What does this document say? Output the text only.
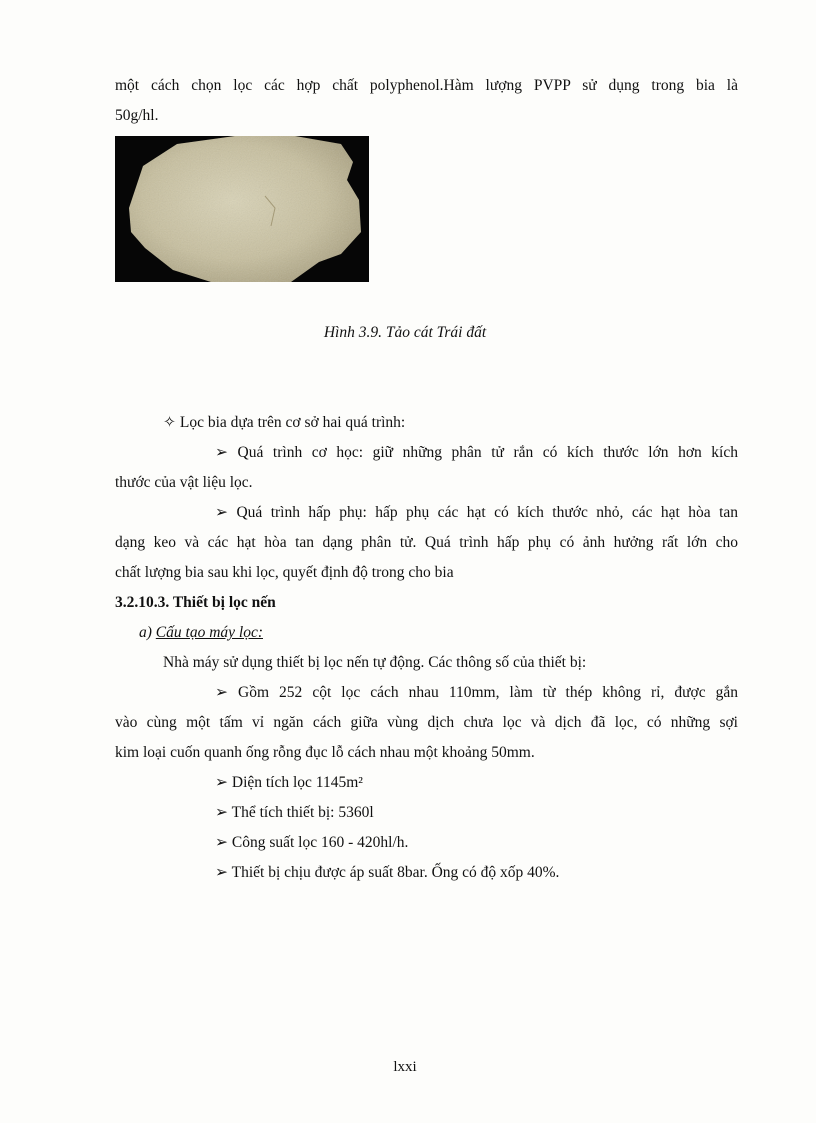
một cách chọn lọc các hợp chất polyphenol.Hàm lượng PVPP sử dụng trong bia là
50g/hl.
Hình 3.9. Tảo cát Trái đất
✧ Lọc bia dựa trên cơ sở hai quá trình:
➢ Quá trình cơ học: giữ những phân tử rắn có kích thước lớn hơn kích
thước của vật liệu lọc.
➢ Quá trình hấp phụ: hấp phụ các hạt có kích thước nhỏ, các hạt hòa tan
dạng keo và các hạt hòa tan dạng phân tử. Quá trình hấp phụ có ảnh hưởng rất lớn cho
chất lượng bia sau khi lọc, quyết định độ trong cho bia
3.2.10.3. Thiết bị lọc nến
a) Cấu tạo máy lọc:
Nhà máy sử dụng thiết bị lọc nến tự động. Các thông số của thiết bị:
➢ Gồm 252 cột lọc cách nhau 110mm, làm từ thép không rỉ, được gắn
vào cùng một tấm vỉ ngăn cách giữa vùng dịch chưa lọc và dịch đã lọc, có những sợi
kim loại cuốn quanh ống rỗng đục lỗ cách nhau một khoảng 50mm.
➢ Diện tích lọc 1145m²
➢ Thể tích thiết bị: 5360l
➢ Công suất lọc 160 - 420hl/h.
➢ Thiết bị chịu được áp suất 8bar. Ống có độ xốp 40%.
lxxi
